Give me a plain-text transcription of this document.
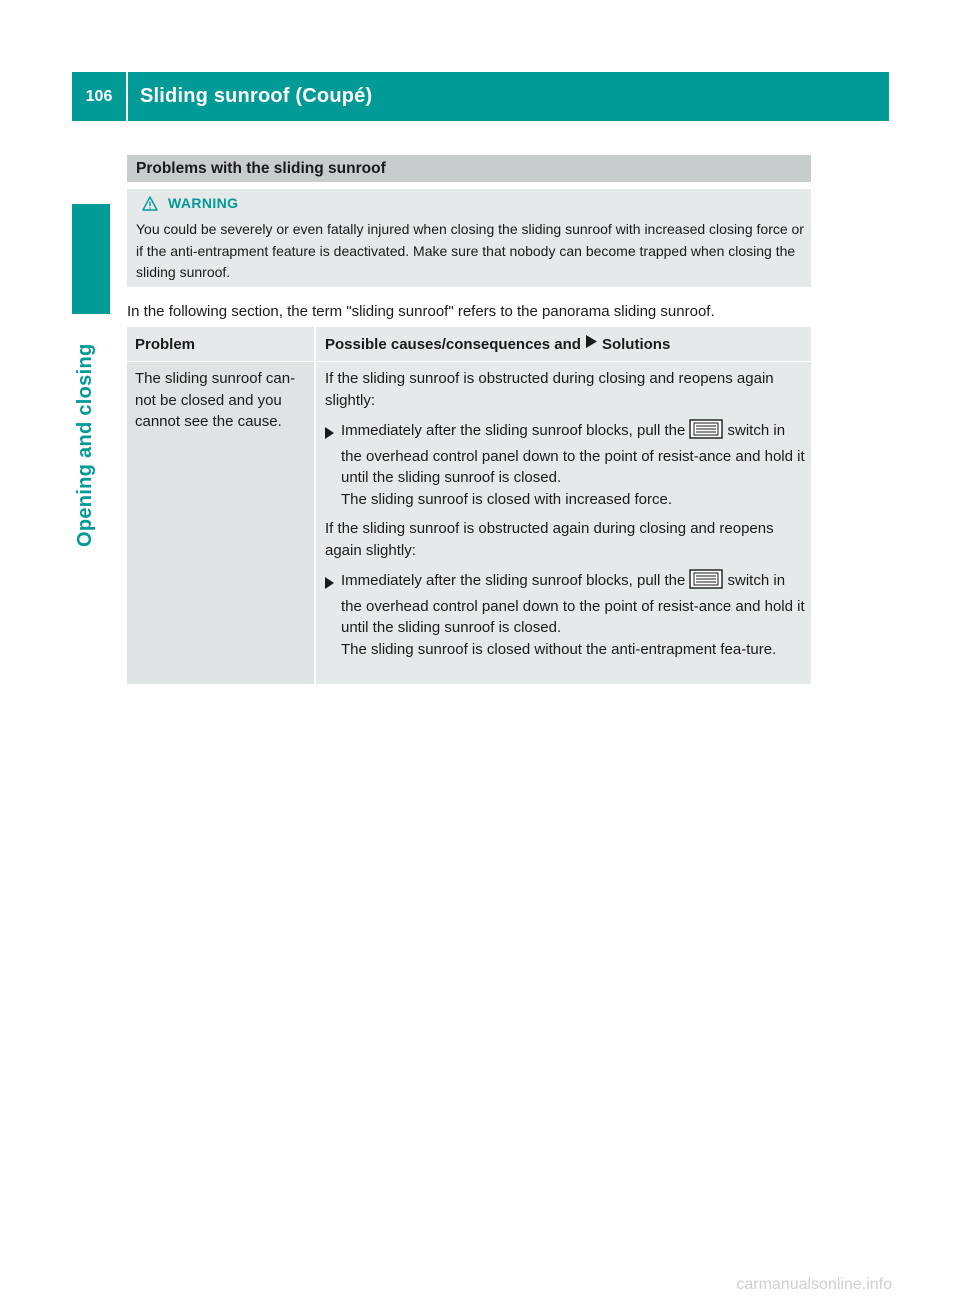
106	Sliding sunroof (Coupé)
Opening and closing
Problems with the sliding sunroof
WARNING
You could be severely or even fatally injured when closing the sliding sunroof with increased closing force or if the anti-entrapment feature is deactivated. Make sure that nobody can become trapped when closing the sliding sunroof.
In the following section, the term "sliding sunroof" refers to the panorama sliding sunroof.
Problem	Possible causes/consequences and Solutions
The sliding sunroof can-not be closed and you cannot see the cause.

If the sliding sunroof is obstructed during closing and reopens again slightly:

Immediately after the sliding sunroof blocks, pull the	switch in the overhead control panel down to the point of resist-ance and hold it until the sliding sunroof is closed.
The sliding sunroof is closed with increased force.

If the sliding sunroof is obstructed again during closing and reopens again slightly:

Immediately after the sliding sunroof blocks, pull the	switch in the overhead control panel down to the point of resist-ance and hold it until the sliding sunroof is closed.
The sliding sunroof is closed without the anti-entrapment fea-ture.
carmanualsonline.info
